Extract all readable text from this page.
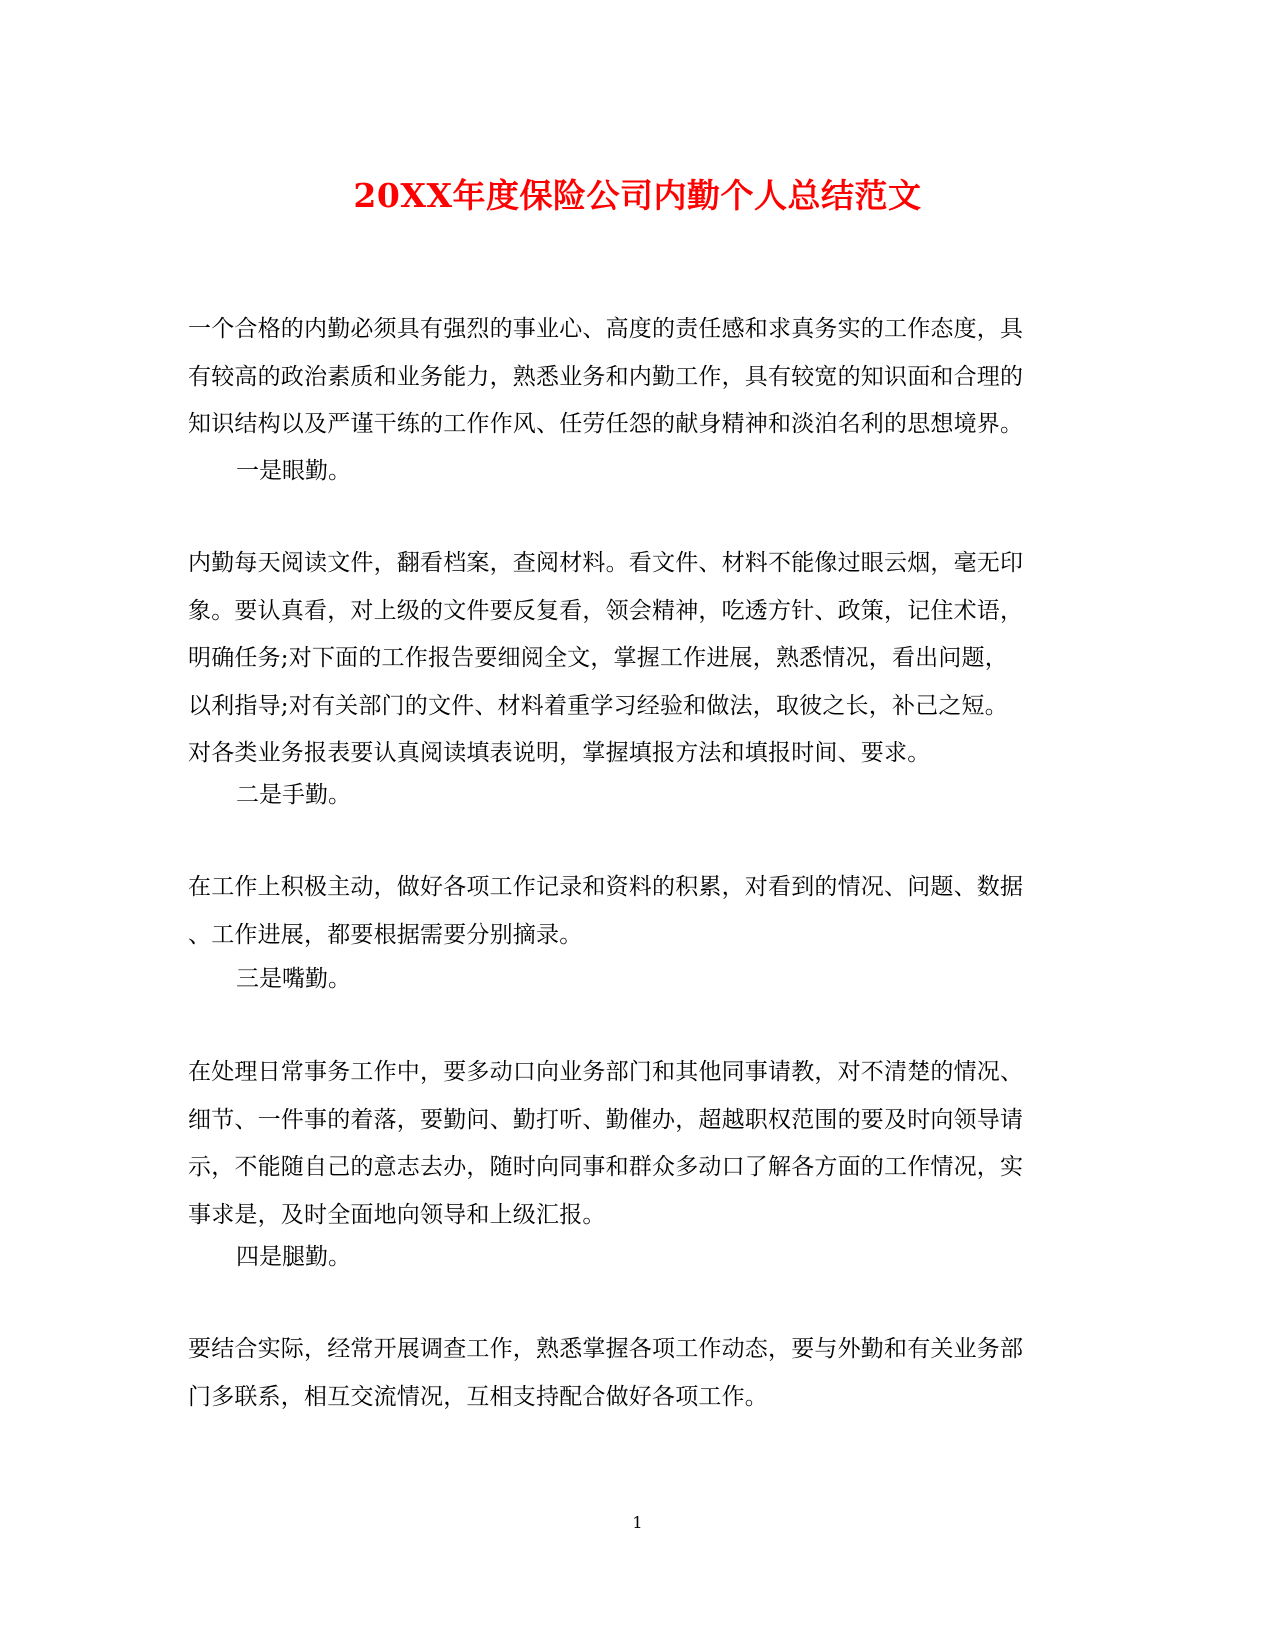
20XX年度保险公司内勤个人总结范文
一个合格的内勤必须具有强烈的事业心、高度的责任感和求真务实的工作态度，具
有较高的政治素质和业务能力，熟悉业务和内勤工作，具有较宽的知识面和合理的
知识结构以及严谨干练的工作作风、任劳任怨的献身精神和淡泊名利的思想境界。
一是眼勤。
内勤每天阅读文件，翻看档案，查阅材料。看文件、材料不能像过眼云烟，毫无印
象。要认真看，对上级的文件要反复看，领会精神，吃透方针、政策，记住术语，
明确任务;对下面的工作报告要细阅全文，掌握工作进展，熟悉情况，看出问题，
以利指导;对有关部门的文件、材料着重学习经验和做法，取彼之长，补己之短。
对各类业务报表要认真阅读填表说明，掌握填报方法和填报时间、要求。
二是手勤。
在工作上积极主动，做好各项工作记录和资料的积累，对看到的情况、问题、数据
、工作进展，都要根据需要分别摘录。
三是嘴勤。
在处理日常事务工作中，要多动口向业务部门和其他同事请教，对不清楚的情况、
细节、一件事的着落，要勤问、勤打听、勤催办，超越职权范围的要及时向领导请
示，不能随自己的意志去办，随时向同事和群众多动口了解各方面的工作情况，实
事求是，及时全面地向领导和上级汇报。
四是腿勤。
要结合实际，经常开展调查工作，熟悉掌握各项工作动态，要与外勤和有关业务部
门多联系，相互交流情况，互相支持配合做好各项工作。
1
